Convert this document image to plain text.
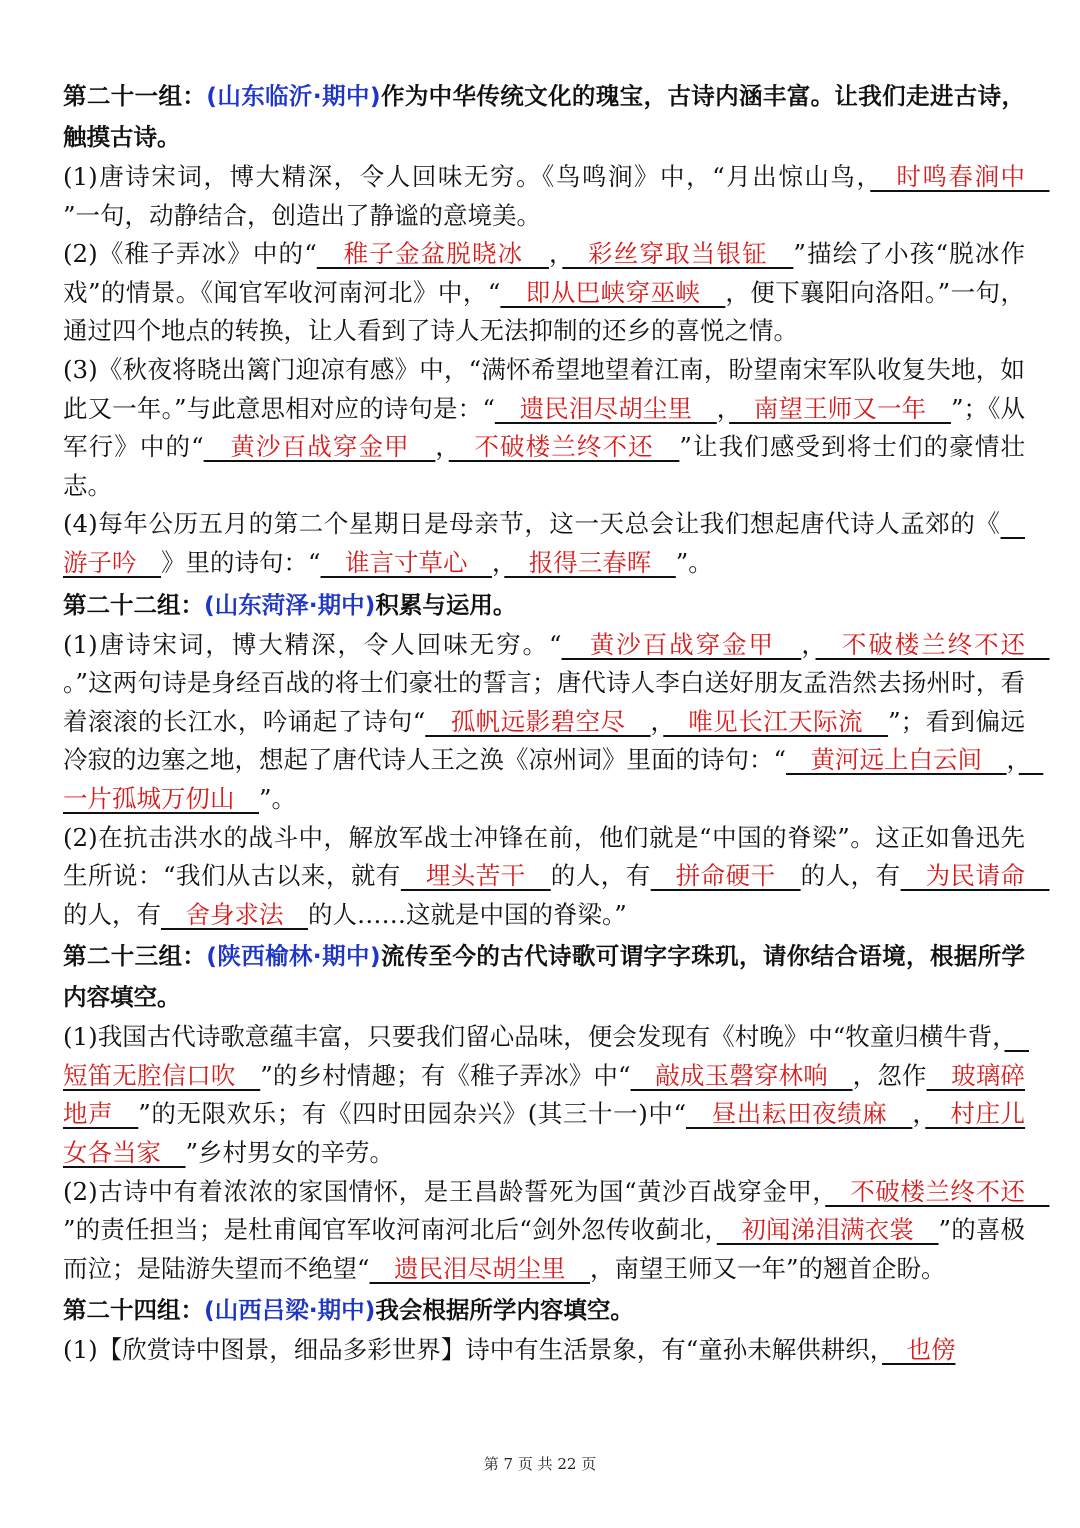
第二十一组：(山东临沂·期中)作为中华传统文化的瑰宝，古诗内涵丰富。让我们走进古诗，触摸古诗。

(1)唐诗宋词，博大精深，令人回味无穷。《鸟鸣涧》中，“月出惊山鸟，　时鸣春涧中　”一句，动静结合，创造出了静谧的意境美。

(2)《稚子弄冰》中的“　稚子金盆脱晓冰　，　彩丝穿取当银钲　”描绘了小孩“脱冰作戏”的情景。《闻官军收河南河北》中，“　即从巴峡穿巫峡　，便下襄阳向洛阳。”一句，通过四个地点的转换，让人看到了诗人无法抑制的还乡的喜悦之情。

(3)《秋夜将晓出篱门迎凉有感》中，“满怀希望地望着江南，盼望南宋军队收复失地，如此又一年。”与此意思相对应的诗句是：“　遗民泪尽胡尘里　，　南望王师又一年　”；《从军行》中的“　黄沙百战穿金甲　，　不破楼兰终不还　”让我们感受到将士们的豪情壮志。

(4)每年公历五月的第二个星期日是母亲节，这一天总会让我们想起唐代诗人孟郊的《　游子吟　》里的诗句：“　谁言寸草心　，　报得三春晖　”。

第二十二组：(山东菏泽·期中)积累与运用。

(1)唐诗宋词，博大精深，令人回味无穷。“　黄沙百战穿金甲　，　不破楼兰终不还　。”这两句诗是身经百战的将士们豪壮的誓言；唐代诗人李白送好朋友孟浩然去扬州时，看着滚滚的长江水，吟诵起了诗句“　孤帆远影碧空尽　，　唯见长江天际流　”；看到偏远冷寂的边塞之地，想起了唐代诗人王之涣《凉州词》里面的诗句：“　黄河远上白云间　，　一片孤城万仞山　”。

(2)在抗击洪水的战斗中，解放军战士冲锋在前，他们就是“中国的脊梁”。这正如鲁迅先生所说：“我们从古以来，就有　埋头苦干　的人，有　拼命硬干　的人，有　为民请命　的人，有　舍身求法　的人……这就是中国的脊梁。”

第二十三组：(陕西榆林·期中)流传至今的古代诗歌可谓字字珠玑，请你结合语境，根据所学内容填空。

(1)我国古代诗歌意蕴丰富，只要我们留心品味，便会发现有《村晚》中“牧童归横牛背，　短笛无腔信口吹　”的乡村情趣；有《稚子弄冰》中“　敲成玉磬穿林响　，忽作　玻璃碎地声　”的无限欢乐；有《四时田园杂兴》(其三十一)中“　昼出耘田夜绩麻　，　村庄儿女各当家　”乡村男女的辛劳。

(2)古诗中有着浓浓的家国情怀，是王昌龄誓死为国“黄沙百战穿金甲，　不破楼兰终不还　”的责任担当；是杜甫闻官军收河南河北后“剑外忽传收蓟北，　初闻涕泪满衣裳　”的喜极而泣；是陆游失望而不绝望“　遗民泪尽胡尘里　，南望王师又一年”的翘首企盼。

第二十四组：(山西吕梁·期中)我会根据所学内容填空。

(1)【欣赏诗中图景，细品多彩世界】诗中有生活景象，有“童孙未解供耕织，　也傍

第 7 页 共 22 页
